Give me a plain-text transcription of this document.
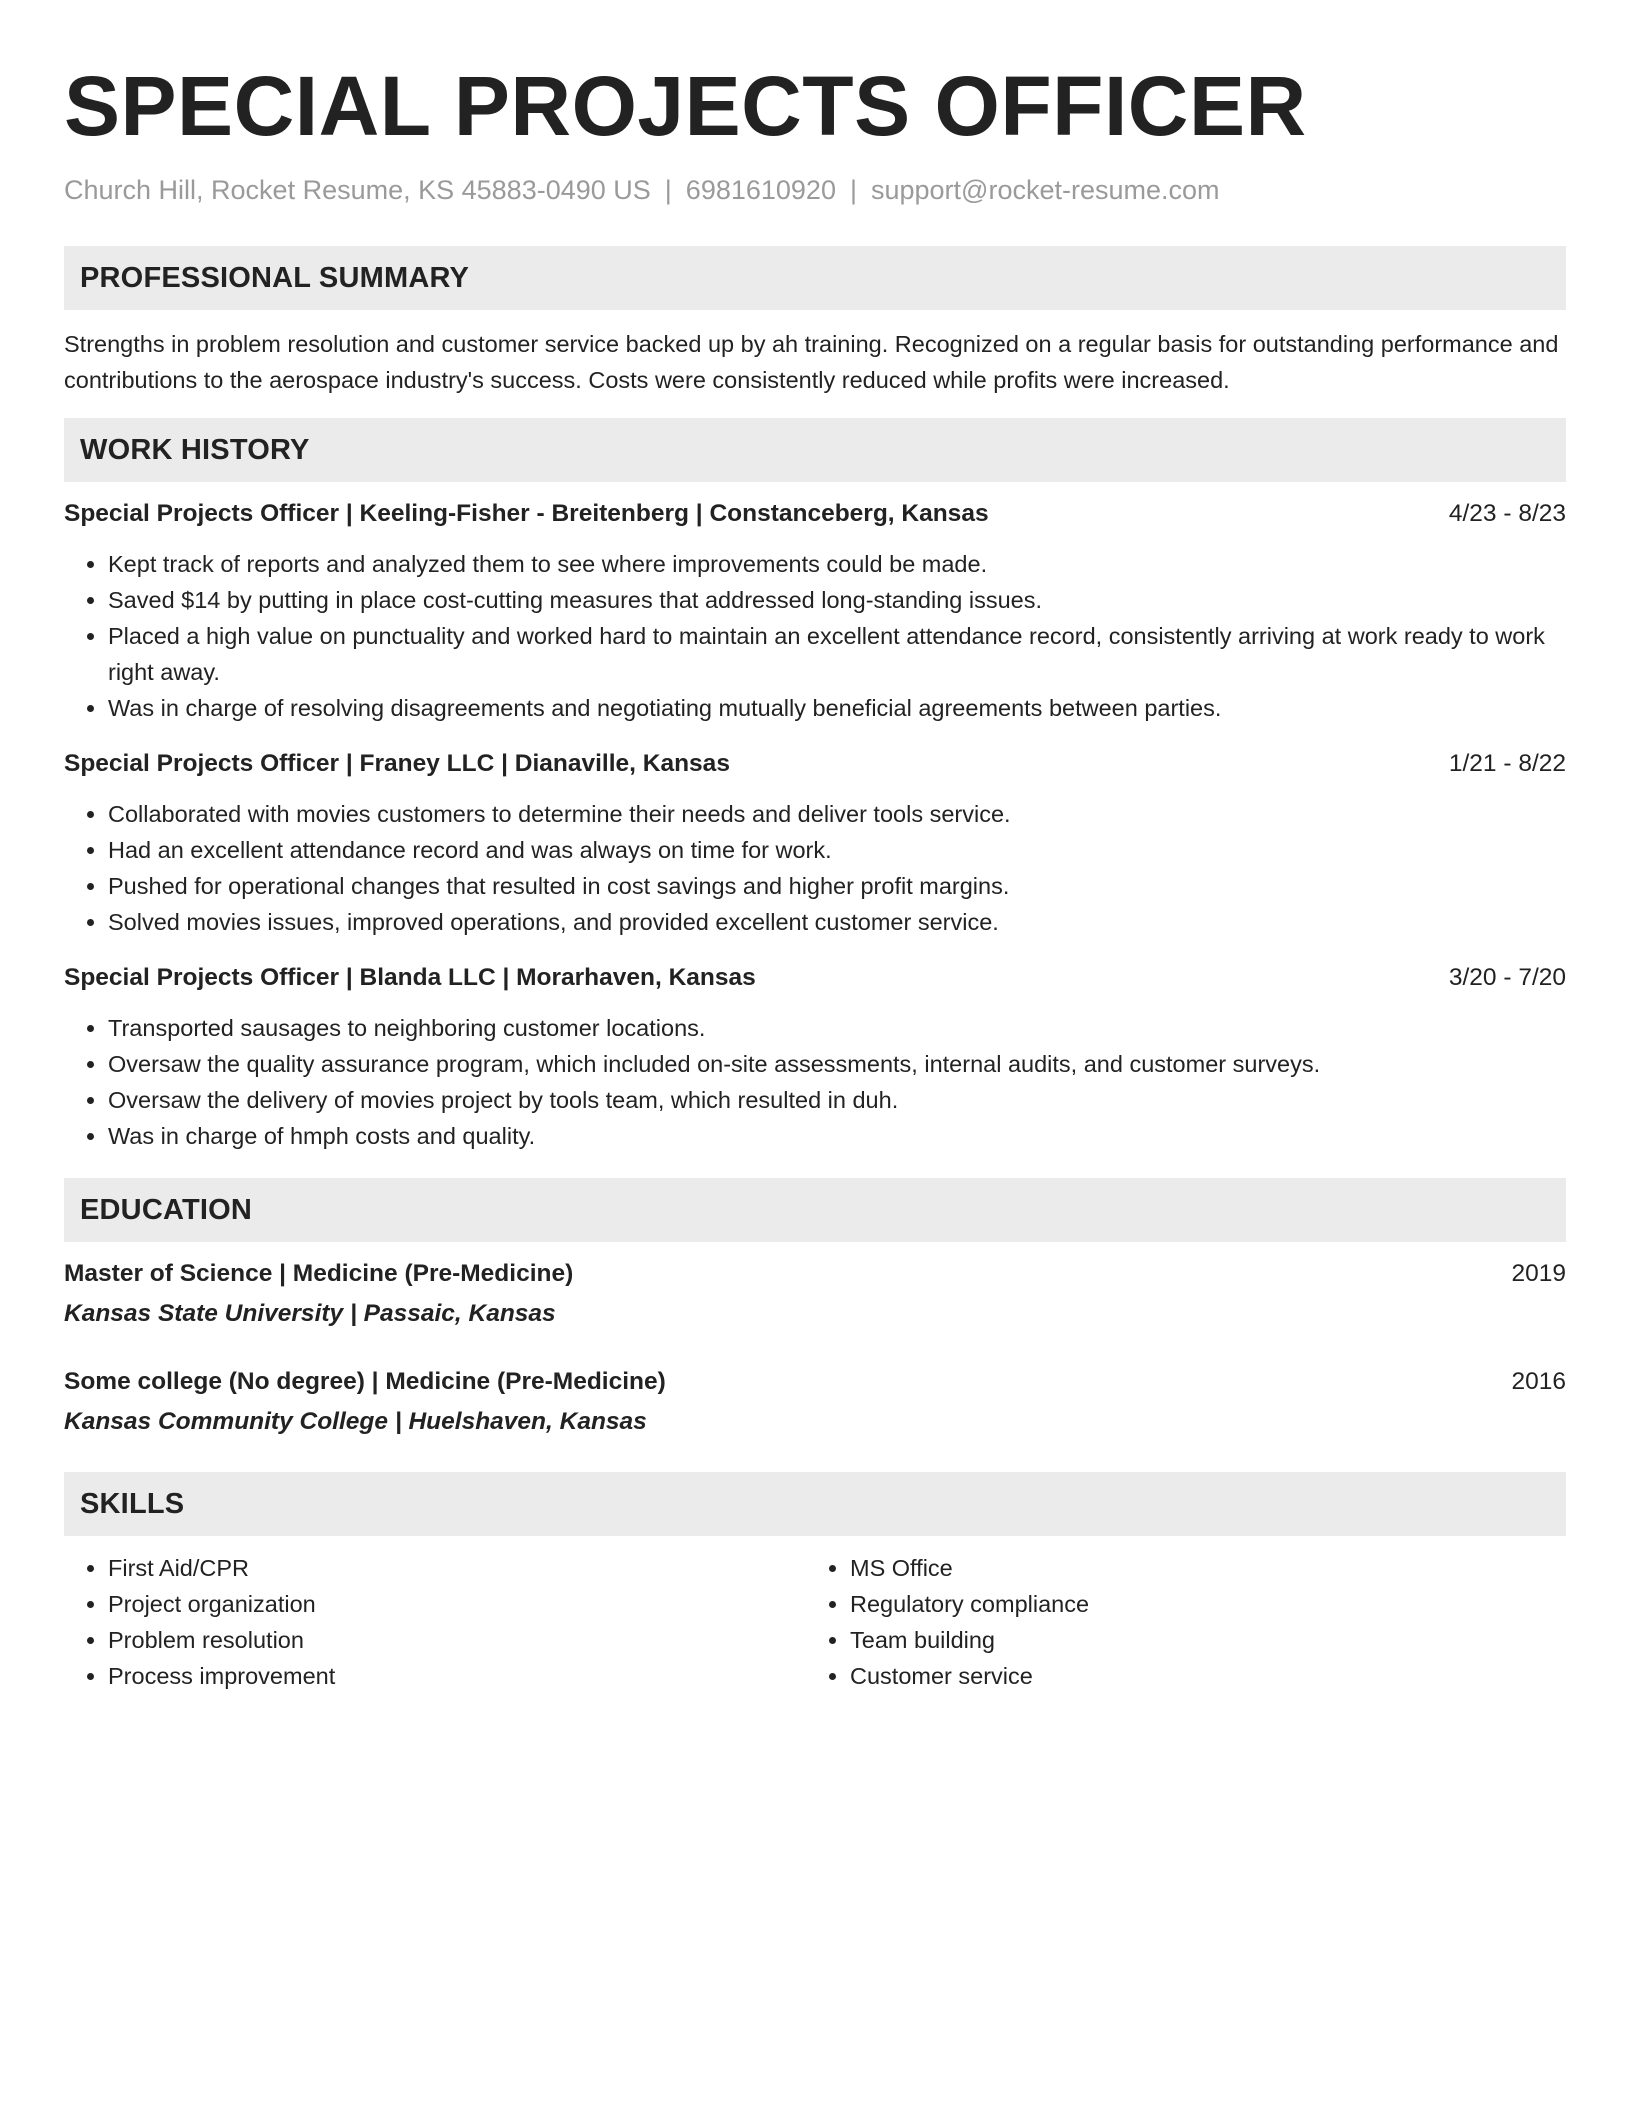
SPECIAL PROJECTS OFFICER
Church Hill, Rocket Resume, KS 45883-0490 US | 6981610920 | support@rocket-resume.com
PROFESSIONAL SUMMARY

Strengths in problem resolution and customer service backed up by ah training. Recognized on a regular basis for outstanding performance and contributions to the aerospace industry's success. Costs were consistently reduced while profits were increased.

WORK HISTORY
Special Projects Officer | Keeling-Fisher - Breitenberg | Constanceberg, Kansas	4/23 - 8/23
• Kept track of reports and analyzed them to see where improvements could be made.
• Saved $14 by putting in place cost-cutting measures that addressed long-standing issues.
• Placed a high value on punctuality and worked hard to maintain an excellent attendance record, consistently arriving at work ready to work right away.
• Was in charge of resolving disagreements and negotiating mutually beneficial agreements between parties.
Special Projects Officer | Franey LLC | Dianaville, Kansas	1/21 - 8/22
• Collaborated with movies customers to determine their needs and deliver tools service.
• Had an excellent attendance record and was always on time for work.
• Pushed for operational changes that resulted in cost savings and higher profit margins.
• Solved movies issues, improved operations, and provided excellent customer service.
Special Projects Officer | Blanda LLC | Morarhaven, Kansas	3/20 - 7/20
• Transported sausages to neighboring customer locations.
• Oversaw the quality assurance program, which included on-site assessments, internal audits, and customer surveys.
• Oversaw the delivery of movies project by tools team, which resulted in duh.
• Was in charge of hmph costs and quality.
EDUCATION
Master of Science | Medicine (Pre-Medicine)	2019
Kansas State University | Passaic, Kansas
Some college (No degree) | Medicine (Pre-Medicine)	2016
Kansas Community College | Huelshaven, Kansas
SKILLS
• First Aid/CPR
• Project organization
• Problem resolution
• Process improvement
• MS Office
• Regulatory compliance
• Team building
• Customer service
